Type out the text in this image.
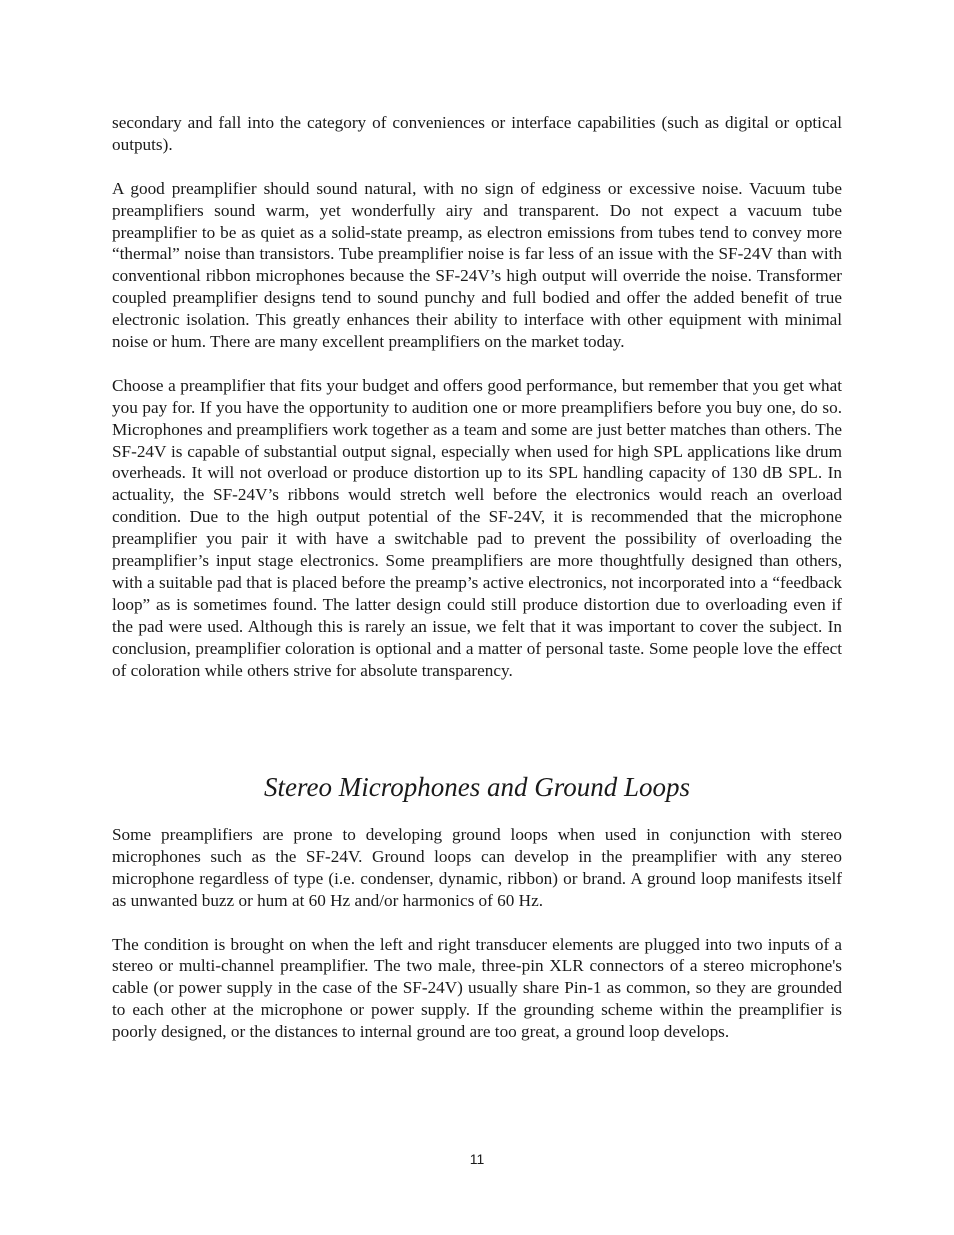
secondary and fall into the category of conveniences or interface capabilities (such as digital or optical outputs).

A good preamplifier should sound natural, with no sign of edginess or excessive noise. Vacuum tube preamplifiers sound warm, yet wonderfully airy and transparent. Do not expect a vacuum tube preamplifier to be as quiet as a solid-state preamp, as electron emissions from tubes tend to convey more “thermal” noise than transistors. Tube preamplifier noise is far less of an issue with the SF-24V than with conventional ribbon microphones because the SF-24V’s high output will override the noise. Transformer coupled preamplifier designs tend to sound punchy and full bodied and offer the added benefit of true electronic isolation. This greatly enhances their ability to interface with other equipment with minimal noise or hum. There are many excellent preamplifiers on the market today.

Choose a preamplifier that fits your budget and offers good performance, but remember that you get what you pay for. If you have the opportunity to audition one or more preamplifiers before you buy one, do so. Microphones and preamplifiers work together as a team and some are just better matches than others. The SF-24V is capable of substantial output signal, especially when used for high SPL applications like drum overheads. It will not overload or produce distortion up to its SPL handling capacity of 130 dB SPL. In actuality, the SF-24V’s ribbons would stretch well before the electronics would reach an overload condition. Due to the high output potential of the SF-24V, it is recommended that the microphone preamplifier you pair it with have a switchable pad to prevent the possibility of overloading the preamplifier’s input stage electronics. Some preamplifiers are more thoughtfully designed than others, with a suitable pad that is placed before the preamp’s active electronics, not incorporated into a “feedback loop” as is sometimes found. The latter design could still produce distortion due to overloading even if the pad were used. Although this is rarely an issue, we felt that it was important to cover the subject. In conclusion, preamplifier coloration is optional and a matter of personal taste. Some people love the effect of coloration while others strive for absolute transparency.

Stereo Microphones and Ground Loops

Some preamplifiers are prone to developing ground loops when used in conjunction with stereo microphones such as the SF-24V. Ground loops can develop in the preamplifier with any stereo microphone regardless of type (i.e. condenser, dynamic, ribbon) or brand. A ground loop manifests itself as unwanted buzz or hum at 60 Hz and/or harmonics of 60 Hz.

The condition is brought on when the left and right transducer elements are plugged into two inputs of a stereo or multi-channel preamplifier. The two male, three-pin XLR connectors of a stereo microphone's cable (or power supply in the case of the SF-24V) usually share Pin-1 as common, so they are grounded to each other at the microphone or power supply. If the grounding scheme within the preamplifier is poorly designed, or the distances to internal ground are too great, a ground loop develops.

11
